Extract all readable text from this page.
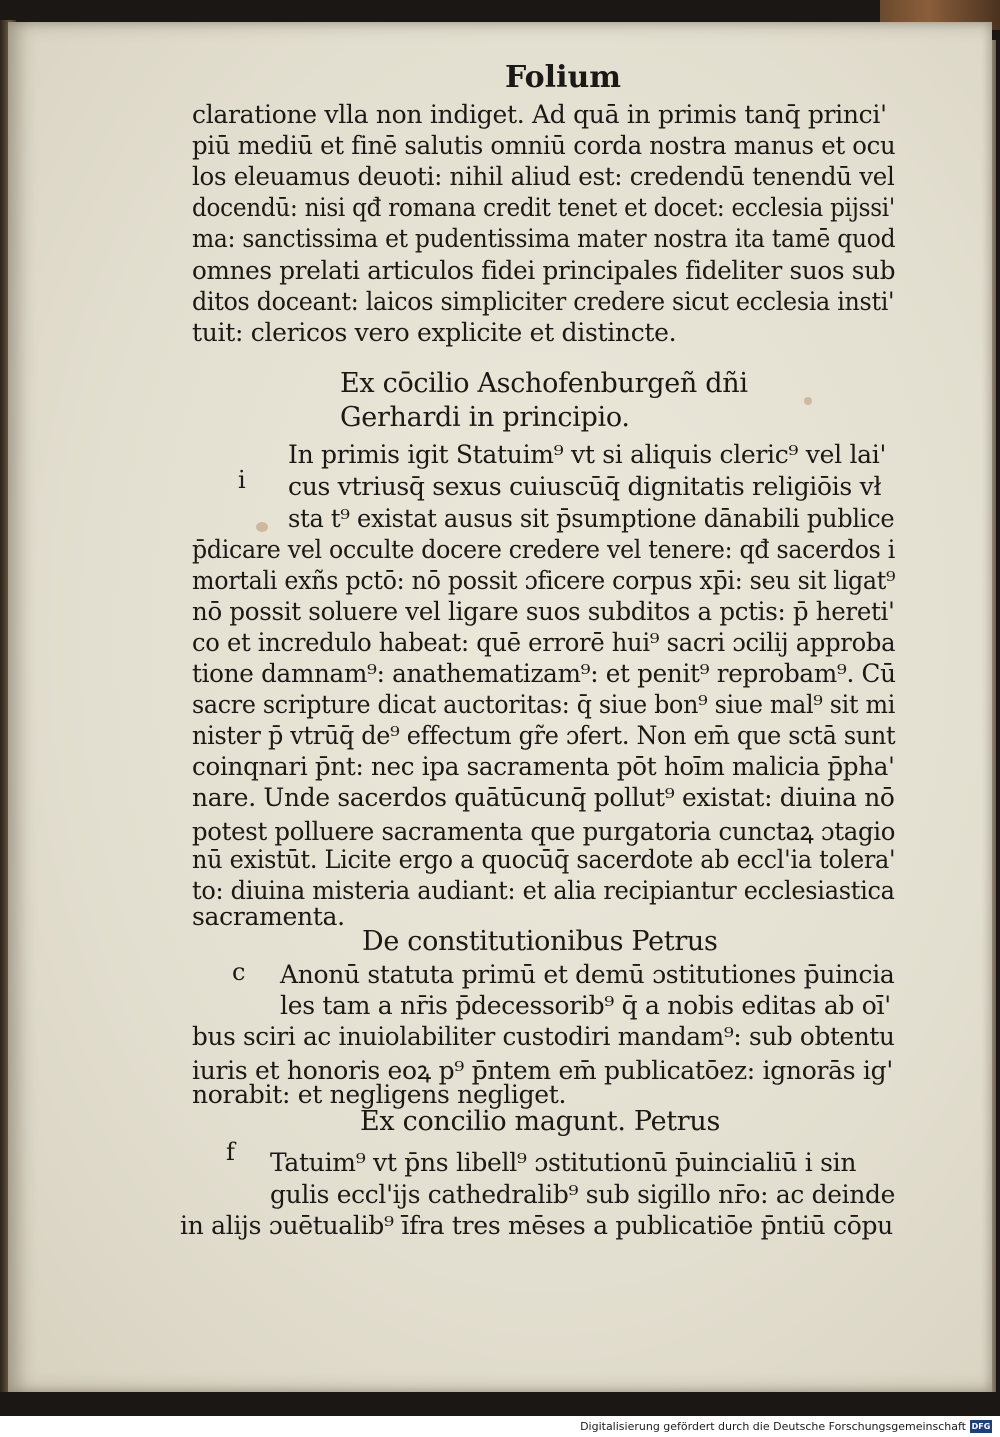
Folium
claratione vlla non indiget. Ad quā in primis tanq̄ princi'
piū mediū et finē salutis omniū corda nostra manus et ocu
los eleuamus deuoti: nihil aliud est: credendū tenendū vel
docendū: nisi qđ romana credit tenet et docet: ecclesia pijssi'
ma: sanctissima et pudentissima mater nostra ita tamē quod
omnes prelati articulos fidei principales fideliter suos sub
ditos doceant: laicos simpliciter credere sicut ecclesia insti'
tuit: clericos vero explicite et distincte.
Ex cōcilio Aschofenburgeñ dñi
Gerhardi in principio.
i
In primis igit Statuim⁹ vt si aliquis cleric⁹ vel lai'
cus vtriusq̄ sexus cuiuscūq̄ dignitatis religiōis vł
sta t⁹ existat ausus sit p̄sumptione dānabili publice
p̄dicare vel occulte docere credere vel tenere: qđ sacerdos i
mortali exñs pctō: nō possit ɔficere corpus xp̄i: seu sit ligat⁹
nō possit soluere vel ligare suos subditos a pctis: p̄ hereti'
co et incredulo habeat: quē errorē hui⁹ sacri ɔcilij approba
tione damnam⁹: anathematizam⁹: et penit⁹ reprobam⁹. Cū
sacre scripture dicat auctoritas: q̄ siue bon⁹ siue mal⁹ sit mi
nister p̄ vtrūq̄ de⁹ effectum gr̃e ɔfert. Non em̄ que sctā sunt
coinqnari p̄nt: nec ipa sacramenta pōt hoīm malicia p̄pha'
nare. Unde sacerdos quātūcunq̄ pollut⁹ existat: diuina nō
potest polluere sacramenta que purgatoria cunctaꝝ ɔtagio
nū existūt. Licite ergo a quocūq̄ sacerdote ab eccl'ia tolera'
to: diuina misteria audiant: et alia recipiantur ecclesiastica
sacramenta.
De constitutionibus Petrus
c Anonū statuta primū et demū ɔstitutiones p̄uincia
les tam a nr̄is p̄decessorib⁹ q̄ a nobis editas ab oī'
bus sciri ac inuiolabiliter custodiri mandam⁹: sub obtentu
iuris et honoris eoꝝ p⁹ p̄ntem em̄ publicatōez: ignorās ig'
norabit: et negligens negliget.
Ex concilio magunt. Petrus
f Tatuim⁹ vt p̄ns libell⁹ ɔstitutionū p̄uincialiū i sin
gulis eccl'ijs cathedralib⁹ sub sigillo nr̄o: ac deinde
in alijs ɔuētualib⁹ īfra tres mēses a publicatiōe p̄ntiū cōpu
Digitalisierung gefördert durch die Deutsche Forschungsgemeinschaft DFG
